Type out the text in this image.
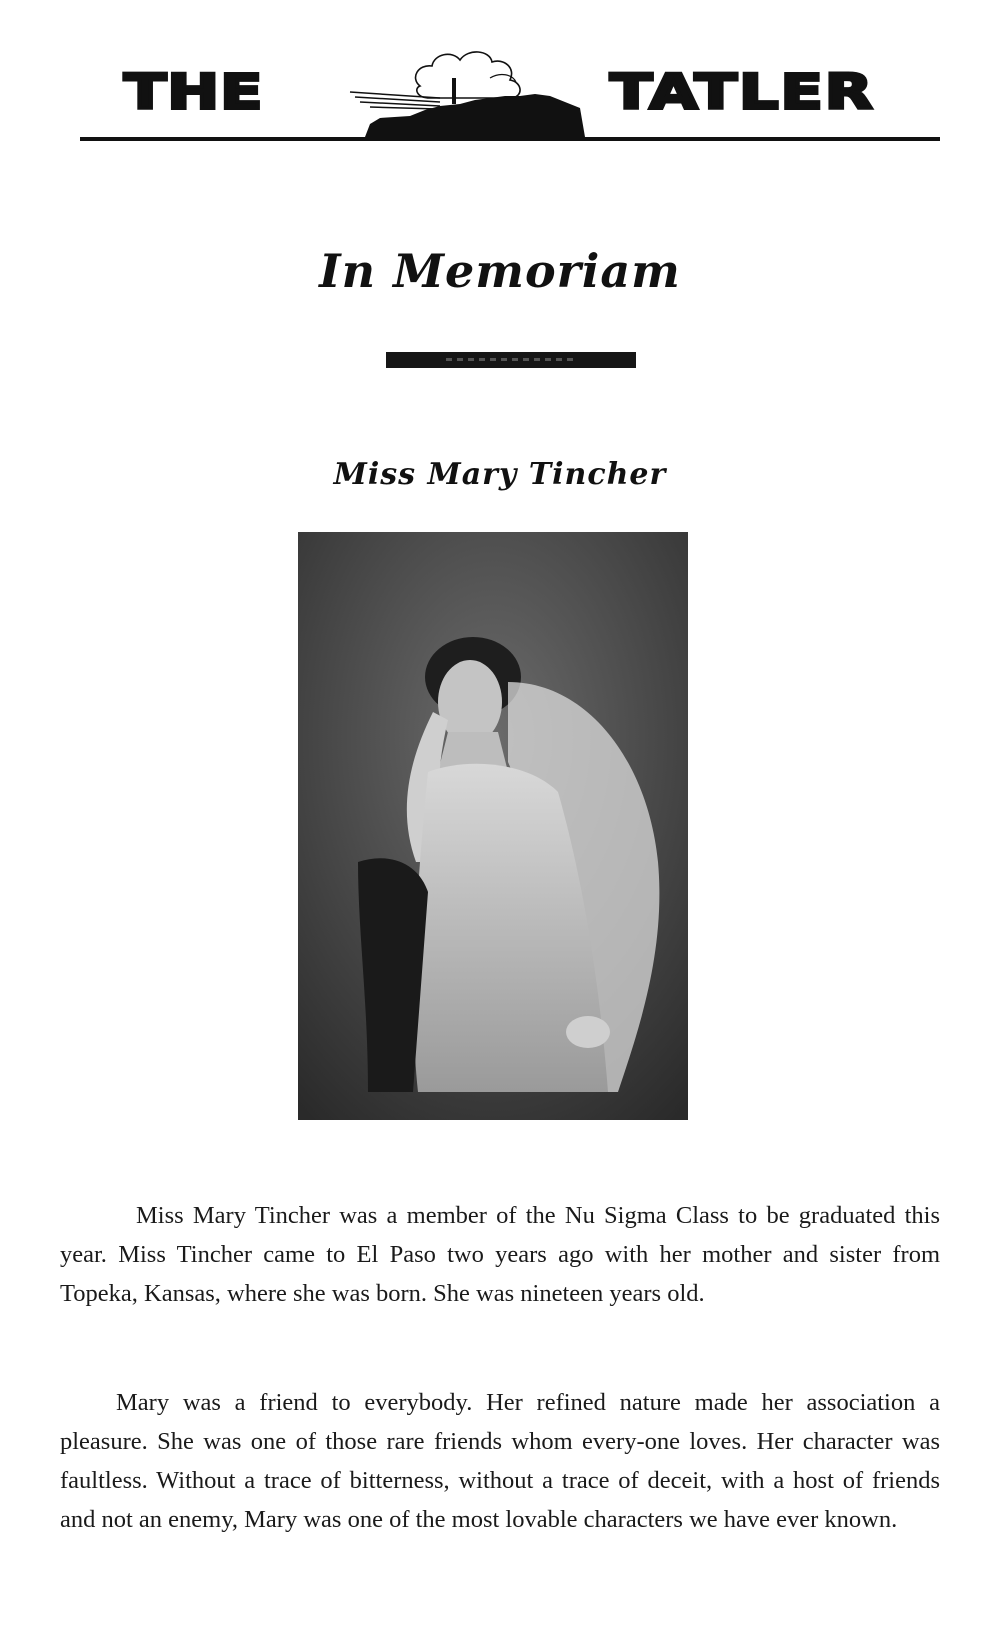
THE	TATLER
In Memoriam
Miss Mary Tincher

Miss Mary Tincher was a member of the Nu Sigma Class to be graduated this year. Miss Tincher came to El Paso two years ago with her mother and sister from Topeka, Kansas, where she was born. She was nineteen years old.

Mary was a friend to everybody. Her refined nature made her association a pleasure. She was one of those rare friends whom every-one loves. Her character was faultless. Without a trace of bitterness, without a trace of deceit, with a host of friends and not an enemy, Mary was one of the most lovable characters we have ever known.
